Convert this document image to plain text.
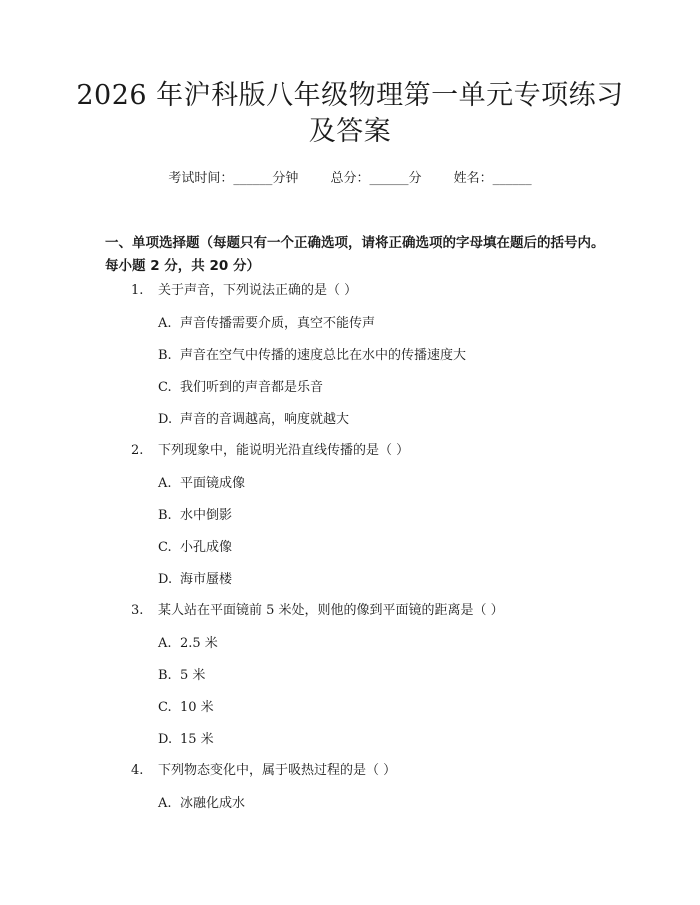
2026 年沪科版八年级物理第一单元专项练习
及答案
考试时间：______分钟 总分：______分 姓名：______
一、单项选择题（每题只有一个正确选项，请将正确选项的字母填在题后的括号内。每小题 2 分，共 20 分）
1. 关于声音，下列说法正确的是（ ）
A. 声音传播需要介质，真空不能传声
B. 声音在空气中传播的速度总比在水中的传播速度大
C. 我们听到的声音都是乐音
D. 声音的音调越高，响度就越大
2. 下列现象中，能说明光沿直线传播的是（ ）
A. 平面镜成像
B. 水中倒影
C. 小孔成像
D. 海市蜃楼
3. 某人站在平面镜前 5 米处，则他的像到平面镜的距离是（ ）
A. 2.5 米
B. 5 米
C. 10 米
D. 15 米
4. 下列物态变化中，属于吸热过程的是（ ）
A. 冰融化成水
